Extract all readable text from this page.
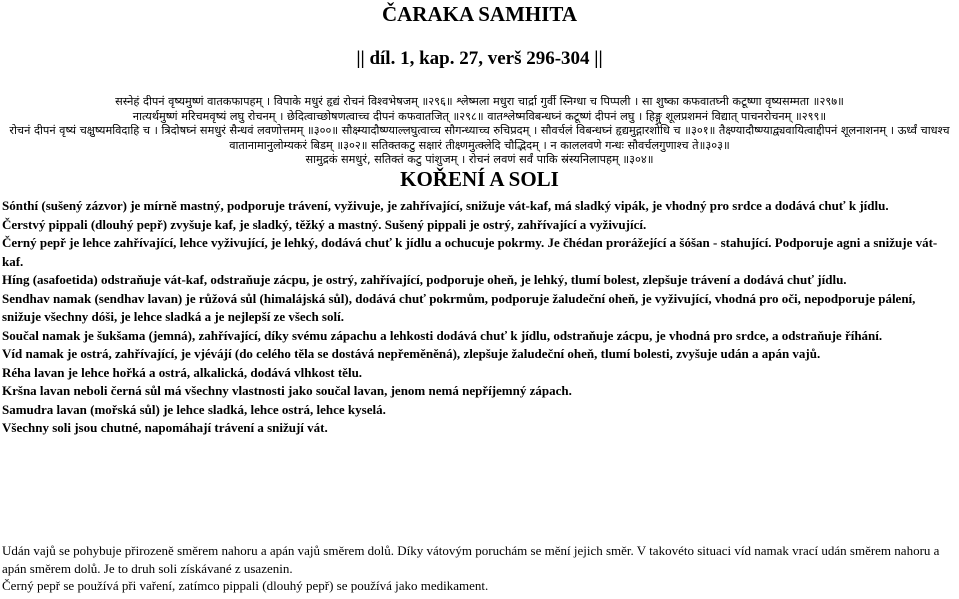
ČARAKA SAMHITA
|| díl. 1, kap. 27, verš 296-304 ||
सस्नेहं दीपनं वृष्यमुष्णं वातकफापहम् । विपाके मधुरं हृद्यं रोचनं विश्वभेषजम् ॥२९६॥ श्लेष्मला मधुरा चार्द्रा गुर्वी स्निग्धा च पिप्पली । सा शुष्का कफवातघ्नी कटूष्णा वृष्यसम्मता ॥२९७॥
नात्यर्थमुष्णं मरिचमवृष्यं लघु रोचनम् । छेदित्वाच्छोषणत्वाच्च दीपनं कफवातजित् ॥२९८॥ वातश्लेष्मविबन्धघ्नं कटूष्णं दीपनं लघु । हिङ्गु शूलप्रशमनं विद्यात् पाचनरोचनम् ॥२९९॥
रोचनं दीपनं वृष्यं चक्षुष्यमविदाहि च । त्रिदोषघ्नं समधुरं सैन्धवं लवणोत्तमम् ॥३००॥ सौक्ष्म्यादौष्ण्याल्लघुत्वाच्च सौगन्ध्याच्च रुचिप्रदम् । सौवर्चलं विबन्धघ्नं हृद्यमुद्गारशोधि च ॥३०१॥ तैक्ष्ण्यादौष्ण्याद्व्यवायित्वाद्दीपनं शूलनाशनम् । ऊर्ध्वं चाधश्च
वातानामानुलोम्यकरं बिडम् ॥३०२॥ सतिक्तकटु सक्षारं तीक्ष्णमुत्क्लेदि चौद्भिदम् । न काललवणे गन्धः सौवर्चलगुणाश्च ते॥३०३॥
सामुद्रकं समधुरं, सतिक्तं कटु पांशुजम् । रोचनं लवणं सर्वं पाकि स्रंस्यनिलापहम् ॥३०४॥
KOŘENÍ A SOLI

Sónthí (sušený zázvor) je mírně mastný, podporuje trávení, vyživuje, je zahřívající, snižuje vát-kaf, má sladký vipák, je vhodný pro srdce a dodává chuť k jídlu.

Čerstvý pippali (dlouhý pepř) zvyšuje kaf, je sladký, těžký a mastný. Sušený pippali je ostrý, zahřívající a vyživující.

Černý pepř je lehce zahřívající, lehce vyživující, je lehký, dodává chuť k jídlu a ochucuje pokrmy. Je čhédan prorážející a šóšan - stahující. Podporuje agni a snižuje vát-kaf.

Híng (asafoetida) odstraňuje vát-kaf, odstraňuje zácpu, je ostrý, zahřívající, podporuje oheň, je lehký, tlumí bolest, zlepšuje trávení a dodává chuť jídlu.

Sendhav namak (sendhav lavan) je růžová sůl (himalájská sůl), dodává chuť pokrmům, podporuje žaludeční oheň, je vyživující, vhodná pro oči, nepodporuje pálení, snižuje všechny dóši, je lehce sladká a je nejlepší ze všech solí.

Součal namak je šukšama (jemná), zahřívající, díky svému zápachu a lehkosti dodává chuť k jídlu, odstraňuje zácpu, je vhodná pro srdce, a odstraňuje říhání.

Víd namak je ostrá, zahřívající, je vjévájí (do celého těla se dostává nepřeměněná), zlepšuje žaludeční oheň, tlumí bolesti, zvyšuje udán a apán vajů.

Réha lavan je lehce hořká a ostrá, alkalická, dodává vlhkost tělu.

Kršna lavan neboli černá sůl má všechny vlastnosti jako součal lavan, jenom nemá nepříjemný zápach.

Samudra lavan (mořská sůl) je lehce sladká, lehce ostrá, lehce kyselá.

Všechny soli jsou chutné, napomáhají trávení a snižují vát.

Udán vajů se pohybuje přirozeně směrem nahoru a apán vajů směrem dolů. Díky vátovým poruchám se mění jejich směr. V takovéto situaci víd namak vrací udán směrem nahoru a apán směrem dolů. Je to druh soli získávané z usazenin.

Černý pepř se používá při vaření, zatímco pippali (dlouhý pepř) se používá jako medikament.
